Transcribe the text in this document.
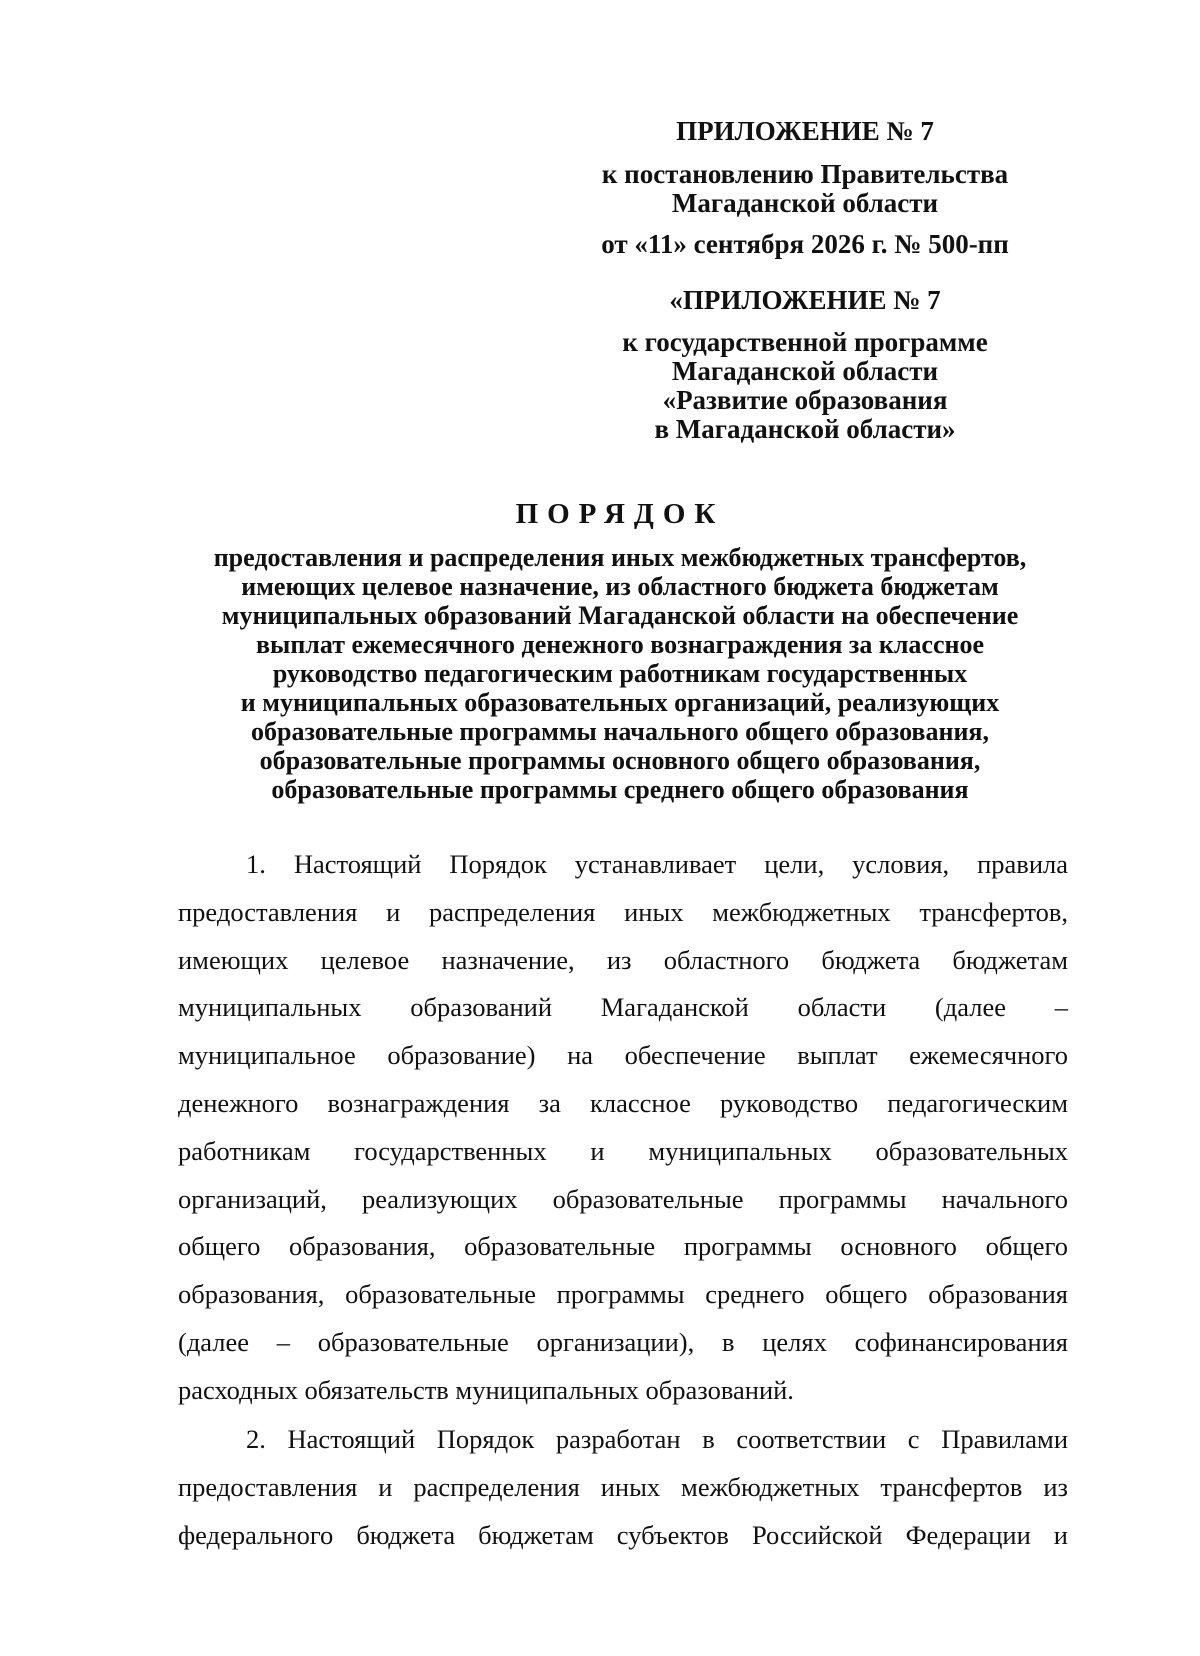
ПРИЛОЖЕНИЕ № 7
к постановлению Правительства
Магаданской области
от «11» сентября 2026 г. № 500-пп
«ПРИЛОЖЕНИЕ № 7
к государственной программе
Магаданской области
«Развитие образования
в Магаданской области»
ПОРЯДОК
предоставления и распределения иных межбюджетных трансфертов,
имеющих целевое назначение, из областного бюджета бюджетам
муниципальных образований Магаданской области на обеспечение
выплат ежемесячного денежного вознаграждения за классное
руководство педагогическим работникам государственных
и муниципальных образовательных организаций, реализующих
образовательные программы начального общего образования,
образовательные программы основного общего образования,
образовательные программы среднего общего образования
1. Настоящий Порядок устанавливает цели, условия, правила
предоставления и распределения иных межбюджетных трансфертов,
имеющих целевое назначение, из областного бюджета бюджетам
муниципальных образований Магаданской области (далее –
муниципальное образование) на обеспечение выплат ежемесячного
денежного вознаграждения за классное руководство педагогическим
работникам государственных и муниципальных образовательных
организаций, реализующих образовательные программы начального
общего образования, образовательные программы основного общего
образования, образовательные программы среднего общего образования
(далее – образовательные организации), в целях софинансирования
расходных обязательств муниципальных образований.
2. Настоящий Порядок разработан в соответствии с Правилами
предоставления и распределения иных межбюджетных трансфертов из
федерального бюджета бюджетам субъектов Российской Федерации и
